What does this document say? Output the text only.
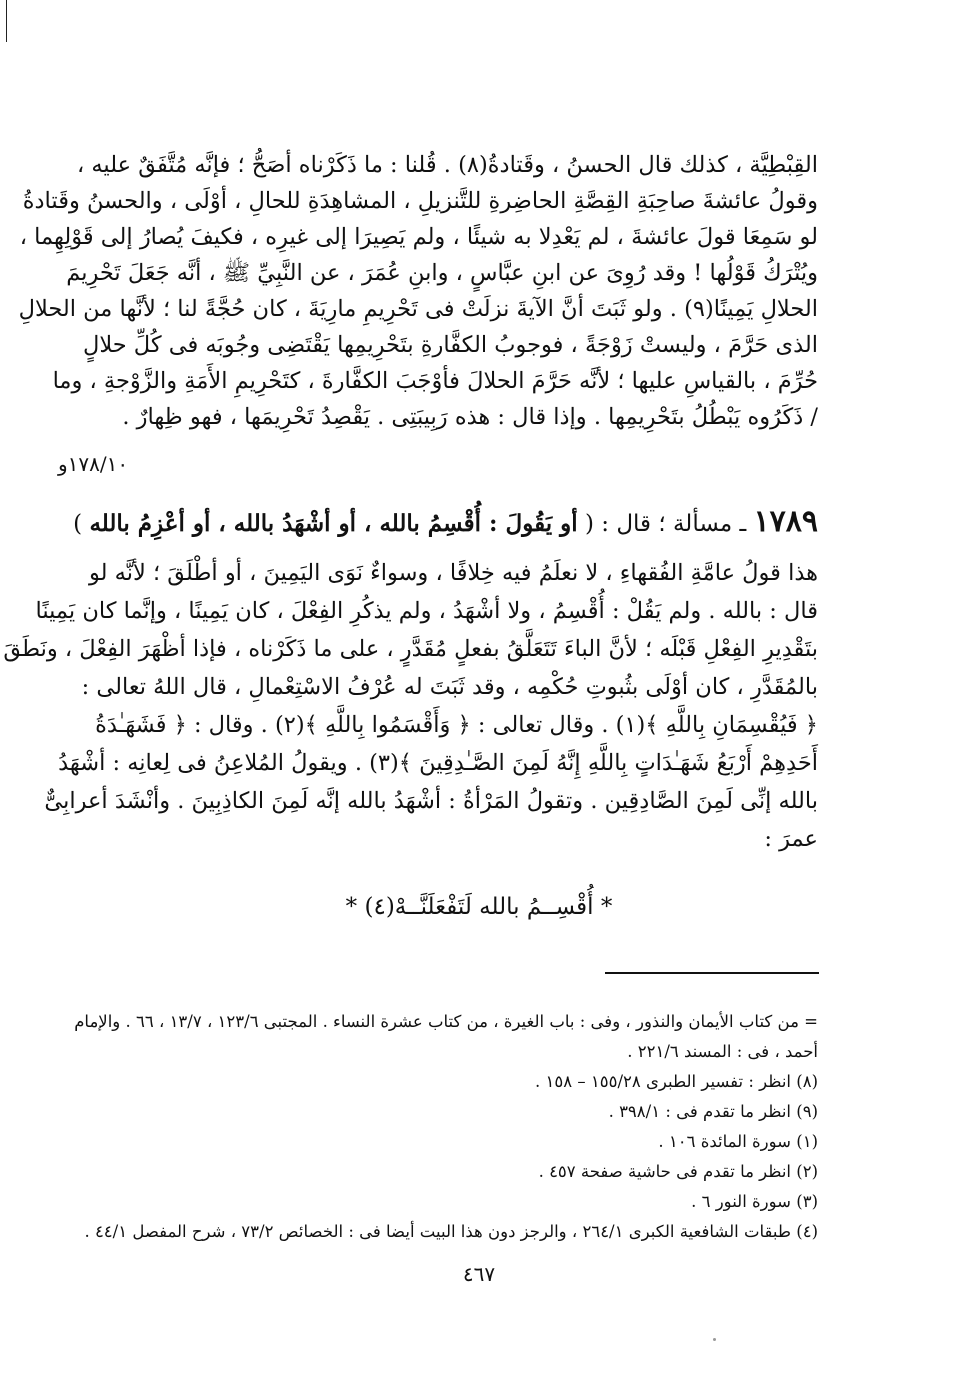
القِبْطِيَّة ، كذلك قال الحسنُ ، وقَتادةُ(٨) . قُلنا : ما ذَكَرْناه أصَحُّ ؛ فإنَّه مُتَّفَقٌ عليه ،
وقولُ عائشةَ صاحِبَةِ القِصَّةِ الحاضِرةِ للتَّنزيلِ ، المشاهِدَةِ للحالِ ، أوْلَى ، والحسنُ وقَتادةُ
لو سَمِعَا قولَ عائشةَ ، لم يَعْدِلا به شيئًا ، ولم يَصِيرَا إلى غيرِه ، فكيفَ يُصارُ إلى قَوْلِهِما ،
ويُتْرَكُ قَوْلُها ! وقد رُوِىَ عن ابنِ عبَّاسٍ ، وابنِ عُمَرَ ، عن النَّبِيِّ ﷺ ، أنَّه جَعَلَ تَحْرِيمَ
الحلالِ يَمِينًا(٩) . ولو ثَبَتَ أنَّ الآيةَ نزلَتْ فى تَحْرِيمِ مارِيَةَ ، كان حُجَّةً لنا ؛ لأنَّها من الحلالِ
الذى حَرَّمَ ، وليستْ زَوْجَةً ، فوجوبُ الكفَّارةِ بتَحْرِيمِها يَقْتَضِى وجُوبَه فى كُلِّ حلالٍ
حُرِّمَ ، بالقياسِ عليها ؛ لأنَّه حَرَّمَ الحلالَ فأوْجَبَ الكفَّارةَ ، كتَحْرِيمِ الأَمَةِ والزَّوْجةِ ، وما
/ ذَكَرُوه يَبْطُلُ بتَحْرِيمِها . وإذا قال : هذه رَبِيبَتِى . يَقْصِدُ تَحْرِيمَها ، فهو ظِهارٌ .
١٧٨/١٠و
١٧٨٩ ـ مسألة ؛ قال : ( أو يَقُولَ : أُقْسِمُ بالله ، أو أشْهَدُ بالله ، أو أعْزِمُ بالله )
هذا قولُ عامَّةِ الفُقهاءِ ، لا نعلَمُ فيه خِلافًا ، وسواءٌ نَوَى اليَمِينَ ، أو أطْلَقَ ؛ لأنَّه لو
قال : بالله . ولم يَقُلْ : أُقْسِمُ ، ولا أشْهَدُ ، ولم يذكُرِ الفِعْلَ ، كان يَمِينًا ، وإنَّما كان يَمِينًا
بتَقْدِيرِ الفِعْلِ قَبْلَه ؛ لأنَّ الباءَ تَتَعَلَّقُ بفعلٍ مُقَدَّرٍ ، على ما ذَكَرْناه ، فإذا أظْهَرَ الفِعْلَ ، ونَطَقَ
بالمُقَدَّرِ ، كان أوْلَى بثُبوتِ حُكْمِه ، وقد ثَبَتَ له عُرْفُ الاسْتِعْمالِ ، قال اللهُ تعالى :
﴿ فَيُقْسِمَانِ بِاللَّهِ ﴾(١) . وقال تعالى : ﴿ وَأَقْسَمُوا بِاللَّهِ ﴾(٢) . وقال : ﴿ فَشَهَـٰدَةُ
أَحَدِهِمْ أَرْبَعُ شَهَـٰدَاتٍ بِاللَّهِ إِنَّهُ لَمِنَ الصَّـٰدِقِينَ ﴾(٣) . ويقولُ المُلاعِنُ فى لِعانِه : أشْهَدُ
بالله إنِّى لَمِنَ الصَّادِقِين . وتقولُ المَرْأةُ : أشْهَدُ بالله إنَّه لَمِنَ الكاذِبِينَ . وأنْشَدَ أعرابِىٌّ
عمرَ :
* أُقْسِــمُ بالله لَتَفْعَلَنَّــهْ(٤) *
= من كتاب الأيمان والنذور ، وفى : باب الغيرة ، من كتاب عشرة النساء . المجتبى ١٢٣/٦ ، ١٣/٧ ، ٦٦ . والإمام
أحمد ، فى : المسند ٢٢١/٦ .
(٨) انظر : تفسير الطبرى ١٥٥/٢٨ – ١٥٨ .
(٩) انظر ما تقدم فى : ٣٩٨/١ .
(١) سورة المائدة ١٠٦ .
(٢) انظر ما تقدم فى حاشية صفحة ٤٥٧ .
(٣) سورة النور ٦ .
(٤) طبقات الشافعية الكبرى ٢٦٤/١ ، والرجز دون هذا البيت أيضا فى : الخصائص ٧٣/٢ ، شرح المفصل ٤٤/١ .
٤٦٧
